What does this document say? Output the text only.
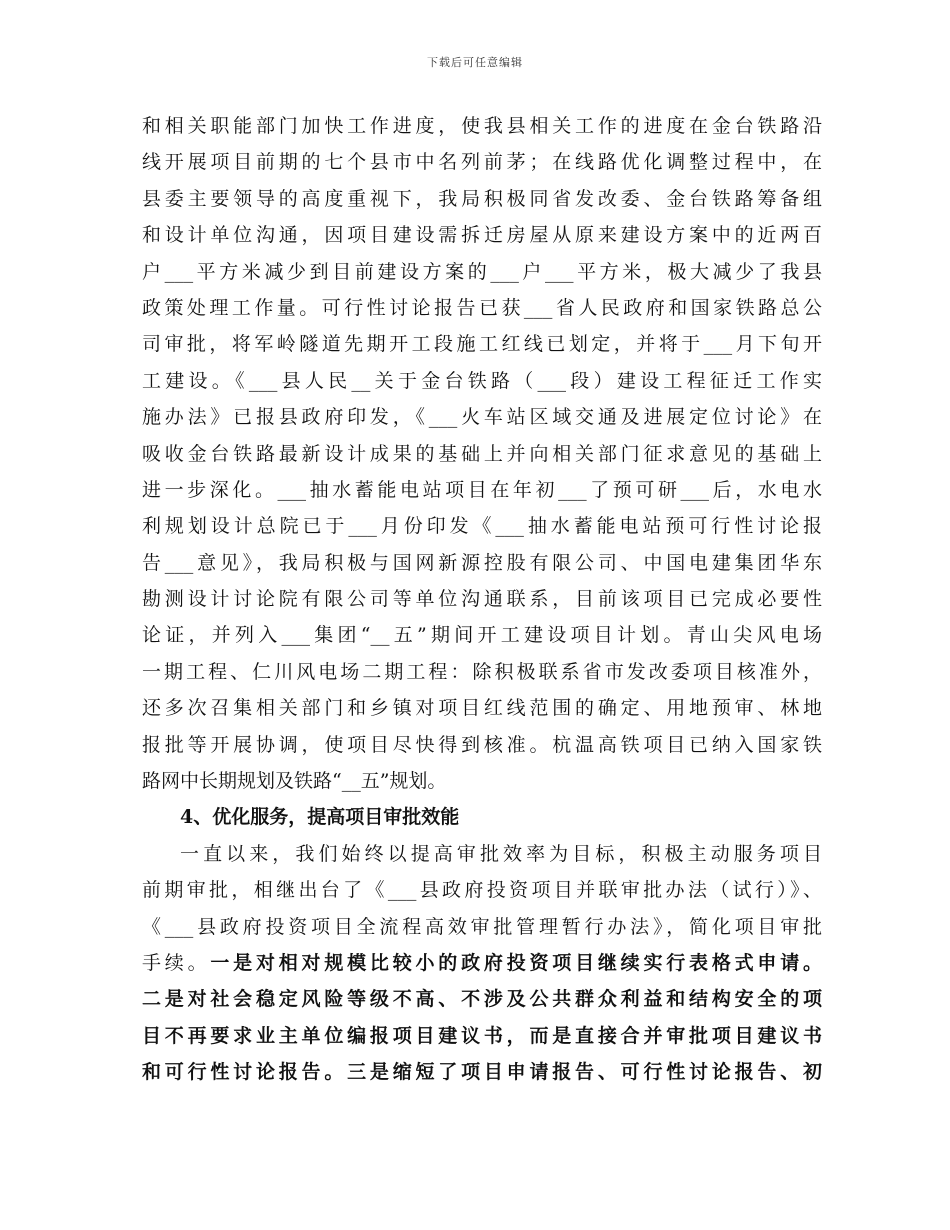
下载后可任意编辑
和相关职能部门加快工作进度，使我县相关工作的进度在金台铁路沿
线开展项目前期的七个县市中名列前茅；在线路优化调整过程中，在
县委主要领导的高度重视下，我局积极同省发改委、金台铁路筹备组
和设计单位沟通，因项目建设需拆迁房屋从原来建设方案中的近两百
户___平方米减少到目前建设方案的___户___平方米，极大减少了我县
政策处理工作量。可行性讨论报告已获___省人民政府和国家铁路总公
司审批，将军岭隧道先期开工段施工红线已划定，并将于___月下旬开
工建设。《___县人民__关于金台铁路（___段）建设工程征迁工作实
施办法》已报县政府印发，《___火车站区域交通及进展定位讨论》在
吸收金台铁路最新设计成果的基础上并向相关部门征求意见的基础上
进一步深化。___抽水蓄能电站项目在年初___了预可研___后，水电水
利规划设计总院已于___月份印发《___抽水蓄能电站预可行性讨论报
告___意见》，我局积极与国网新源控股有限公司、中国电建集团华东
勘测设计讨论院有限公司等单位沟通联系，目前该项目已完成必要性
论证，并列入___集团“__五”期间开工建设项目计划。青山尖风电场
一期工程、仁川风电场二期工程：除积极联系省市发改委项目核准外，
还多次召集相关部门和乡镇对项目红线范围的确定、用地预审、林地
报批等开展协调，使项目尽快得到核准。杭温高铁项目已纳入国家铁
路网中长期规划及铁路“__五”规划。
4、优化服务，提高项目审批效能
一直以来，我们始终以提高审批效率为目标，积极主动服务项目
前期审批，相继出台了《___县政府投资项目并联审批办法（试行）》、
《___县政府投资项目全流程高效审批管理暂行办法》，简化项目审批
手续。一是对相对规模比较小的政府投资项目继续实行表格式申请。
二是对社会稳定风险等级不高、不涉及公共群众利益和结构安全的项
目不再要求业主单位编报项目建议书，而是直接合并审批项目建议书
和可行性讨论报告。三是缩短了项目申请报告、可行性讨论报告、初
